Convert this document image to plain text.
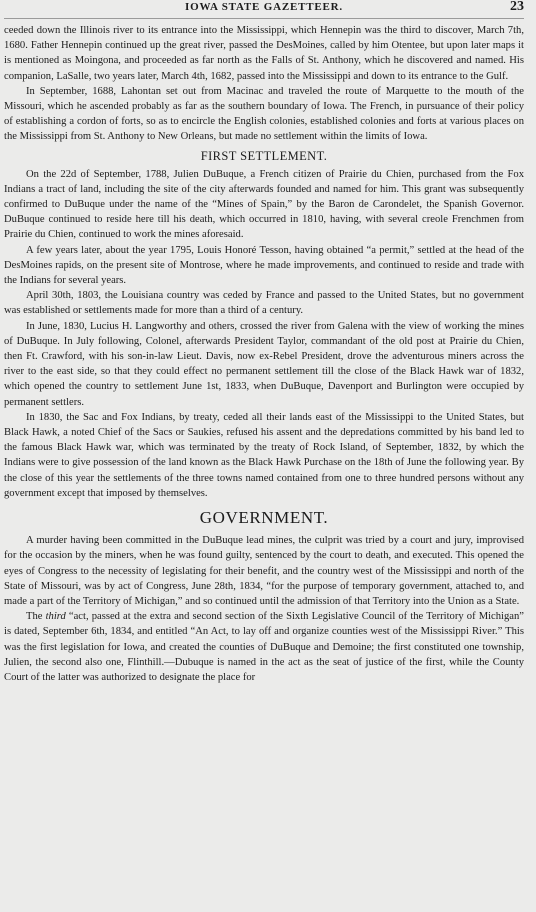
IOWA STATE GAZETTEER.	23

ceeded down the Illinois river to its entrance into the Mississippi, which Hennepin was the third to discover, March 7th, 1680. Father Hennepin continued up the great river, passed the DesMoines, called by him Otentee, but upon later maps it is mentioned as Moingona, and proceeded as far north as the Falls of St. Anthony, which he discovered and named. His companion, LaSalle, two years later, March 4th, 1682, passed into the Mississippi and down to its entrance to the Gulf.

In September, 1688, Lahontan set out from Macinac and traveled the route of Marquette to the mouth of the Missouri, which he ascended probably as far as the southern boundary of Iowa. The French, in pursuance of their policy of establishing a cordon of forts, so as to encircle the English colonies, established colonies and forts at various places on the Mississippi from St. Anthony to New Orleans, but made no settlement within the limits of Iowa.

FIRST SETTLEMENT.

On the 22d of September, 1788, Julien DuBuque, a French citizen of Prairie du Chien, purchased from the Fox Indians a tract of land, including the site of the city afterwards founded and named for him. This grant was subsequently confirmed to DuBuque under the name of the “Mines of Spain,” by the Baron de Carondelet, the Spanish Governor. DuBuque continued to reside here till his death, which occurred in 1810, having, with several creole Frenchmen from Prairie du Chien, continued to work the mines aforesaid.

A few years later, about the year 1795, Louis Honoré Tesson, having obtained “a permit,” settled at the head of the DesMoines rapids, on the present site of Montrose, where he made improvements, and continued to reside and trade with the Indians for several years.

April 30th, 1803, the Louisiana country was ceded by France and passed to the United States, but no government was established or settlements made for more than a third of a century.

In June, 1830, Lucius H. Langworthy and others, crossed the river from Galena with the view of working the mines of DuBuque. In July following, Colonel, afterwards President Taylor, commandant of the old post at Prairie du Chien, then Ft. Crawford, with his son-in-law Lieut. Davis, now ex-Rebel President, drove the adventurous miners across the river to the east side, so that they could effect no permanent settlement till the close of the Black Hawk war of 1832, which opened the country to settlement June 1st, 1833, when DuBuque, Davenport and Burlington were occupied by permanent settlers.

In 1830, the Sac and Fox Indians, by treaty, ceded all their lands east of the Mississippi to the United States, but Black Hawk, a noted Chief of the Sacs or Saukies, refused his assent and the depredations committed by his band led to the famous Black Hawk war, which was terminated by the treaty of Rock Island, of September, 1832, by which the Indians were to give possession of the land known as the Black Hawk Purchase on the 18th of June the following year. By the close of this year the settlements of the three towns named contained from one to three hundred persons without any government except that imposed by themselves.

GOVERNMENT.

A murder having been committed in the DuBuque lead mines, the culprit was tried by a court and jury, improvised for the occasion by the miners, when he was found guilty, sentenced by the court to death, and executed. This opened the eyes of Congress to the necessity of legislating for their benefit, and the country west of the Mississippi and north of the State of Missouri, was by act of Congress, June 28th, 1834, “for the purpose of temporary government, attached to, and made a part of the Territory of Michigan,” and so continued until the admission of that Territory into the Union as a State.

The third “act, passed at the extra and second section of the Sixth Legislative Council of the Territory of Michigan” is dated, September 6th, 1834, and entitled “An Act, to lay off and organize counties west of the Mississippi River.” This was the first legislation for Iowa, and created the counties of DuBuque and Demoine; the first constituted one township, Julien, the second also one, Flinthill.—Dubuque is named in the act as the seat of justice of the first, while the County Court of the latter was authorized to designate the place for
